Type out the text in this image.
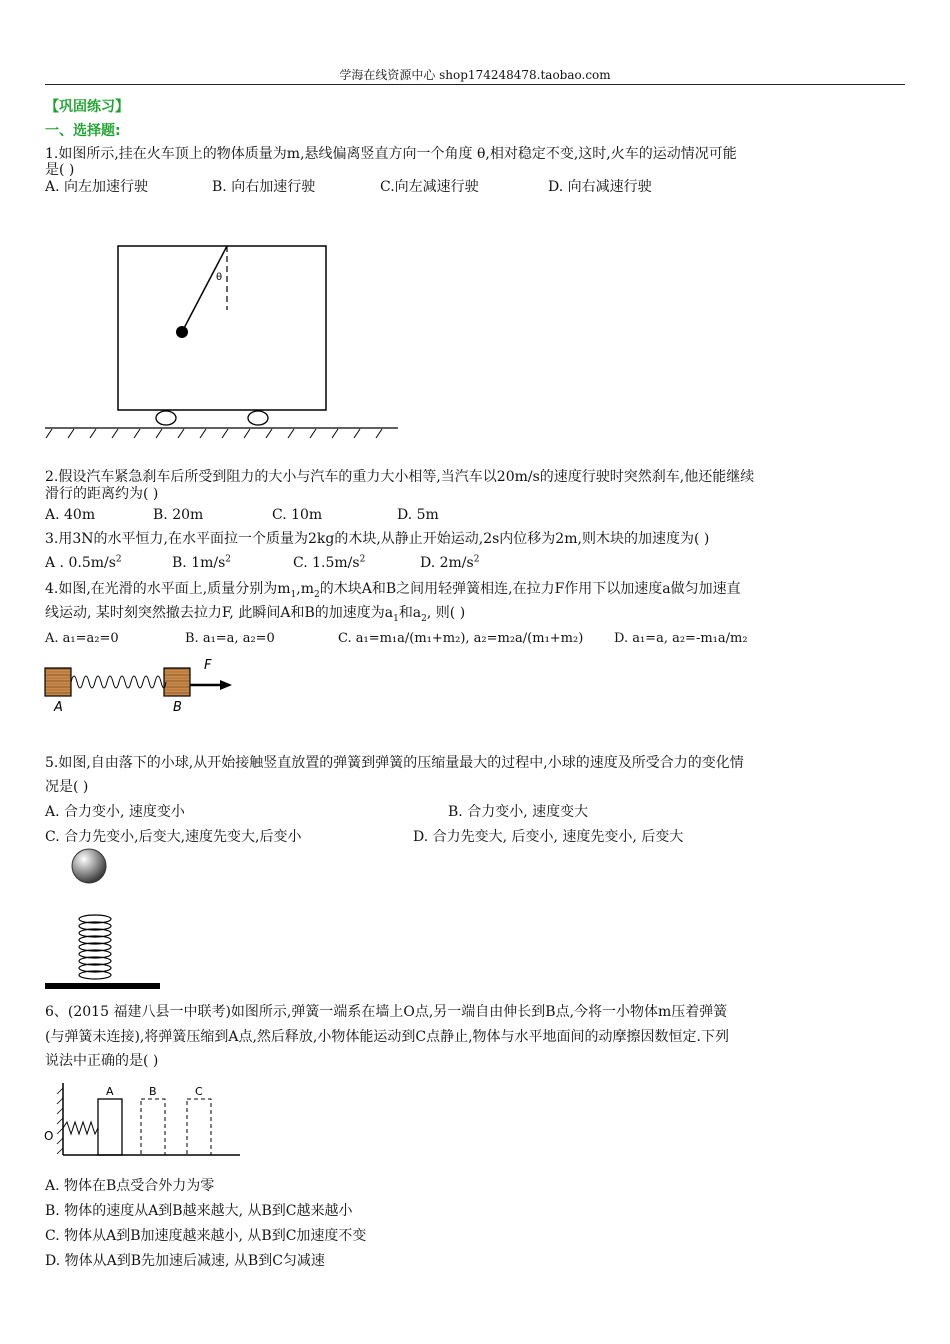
学海在线资源中心 shop174248478.taobao.com
【巩固练习】
一、选择题:
1.如图所示,挂在火车顶上的物体质量为m,悬线偏离竖直方向一个角度 θ,相对稳定不变,这时,火车的运动情况可能
是( )
A. 向左加速行驶	B. 向右加速行驶	C.向左减速行驶	D. 向右减速行驶
θ
2.假设汽车紧急刹车后所受到阻力的大小与汽车的重力大小相等,当汽车以20m/s的速度行驶时突然刹车,他还能继续
滑行的距离约为( )
A. 40m	B. 20m	C. 10m	D. 5m
3.用3N的水平恒力,在水平面拉一个质量为2kg的木块,从静止开始运动,2s内位移为2m,则木块的加速度为( )
A . $0.5m/s^2$	B. $1m/s^2$	C. $1.5m/s^2$	D. $2m/s^2$
4.如图,在光滑的水平面上,质量分别为$m_1,m_2$的木块A和B之间用轻弹簧相连,在拉力F作用下以加速度a做匀加速直
线运动, 某时刻突然撤去拉力F, 此瞬间A和B的加速度为$a_1$和$a_2$, 则( )
A. a₁=a₂=0	B. a₁=a, a₂=0	C. a₁=m₁a/(m₁+m₂), a₂=m₂a/(m₁+m₂) D. a₁=a, a₂=-m₁a/m₂
A	B
F
5.如图,自由落下的小球,从开始接触竖直放置的弹簧到弹簧的压缩量最大的过程中,小球的速度及所受合力的变化情
况是( )
A. 合力变小, 速度变小	B. 合力变小, 速度变大
C. 合力先变小,后变大,速度先变大,后变小	D. 合力先变大, 后变小, 速度先变小, 后变大
6、(2015 福建八县一中联考)如图所示,弹簧一端系在墙上O点,另一端自由伸长到B点,今将一小物体m压着弹簧
(与弹簧未连接),将弹簧压缩到A点,然后释放,小物体能运动到C点静止,物体与水平地面间的动摩擦因数恒定.下列
说法中正确的是( )
O
A	B	C
A. 物体在B点受合外力为零
B. 物体的速度从A到B越来越大, 从B到C越来越小
C. 物体从A到B加速度越来越小, 从B到C加速度不变
D. 物体从A到B先加速后减速, 从B到C匀减速
